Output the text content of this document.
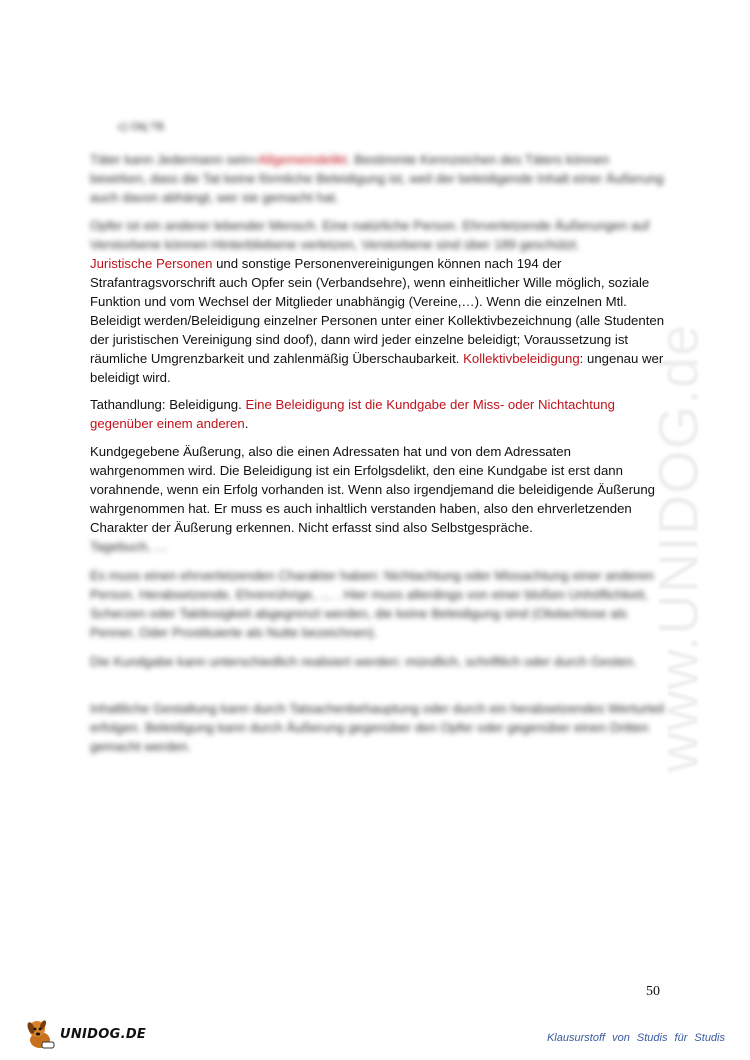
www.UNIDOG.de
c) Obj TB

Täter kann Jedermann sein=Allgemeindelikt. Bestimmte Kennzeichen des Täters können bewirken, dass die Tat keine förmliche Beleidigung ist, weil der beleidigende Inhalt einer Äußerung auch davon abhängt, wer sie gemacht hat.

Opfer ist ein anderer lebender Mensch. Eine natürliche Person. Ehrverletzende Äußerungen auf Verstorbene können Hinterbliebene verletzen, Verstorbene sind über 189 geschützt.

Juristische Personen und sonstige Personenvereinigungen können nach 194 der Strafantragsvorschrift auch Opfer sein (Verbandsehre), wenn einheitlicher Wille möglich, soziale Funktion und vom Wechsel der Mitglieder unabhängig (Vereine,…). Wenn die einzelnen Mtl. Beleidigt werden/Beleidigung einzelner Personen unter einer Kollektivbezeichnung (alle Studenten der juristischen Vereinigung sind doof), dann wird jeder einzelne beleidigt; Voraussetzung ist räumliche Umgrenzbarkeit und zahlenmäßig Überschaubarkeit. Kollektivbeleidigung: ungenau wer beleidigt wird.

Tathandlung: Beleidigung. Eine Beleidigung ist die Kundgabe der Miss- oder Nichtachtung gegenüber einem anderen.

Kundgegebene Äußerung, also die einen Adressaten hat und von dem Adressaten wahrgenommen wird. Die Beleidigung ist ein Erfolgsdelikt, den eine Kundgabe ist erst dann vorahnende, wenn ein Erfolg vorhanden ist. Wenn also irgendjemand die beleidigende Äußerung wahrgenommen hat. Er muss es auch inhaltlich verstanden haben, also den ehrverletzenden Charakter der Äußerung erkennen. Nicht erfasst sind also Selbstgespräche.

Tagebuch, …

Es muss einen ehrverletzenden Charakter haben: Nichtachtung oder Missachtung einer anderen Person. Herabsetzende, Ehrenrührige, … . Hier muss allerdings von einer bloßen Unhöflichkeit, Scherzen oder Taktlosigkeit abgegrenzt werden, die keine Beleidigung sind (Obdachlose als Penner, Oder Prostituierte als Nutte bezeichnen).

Die Kundgabe kann unterschiedlich realisiert werden: mündlich, schriftlich oder durch Gesten.

Inhaltliche Gestaltung kann durch Tatsachenbehauptung oder durch ein herabsetzendes Werturteil erfolgen. Beleidigung kann durch Äußerung gegenüber den Opfer oder gegenüber einen Dritten gemacht werden.

50
UNIDOG.DE	Klausurstoff von Studis für Studis
